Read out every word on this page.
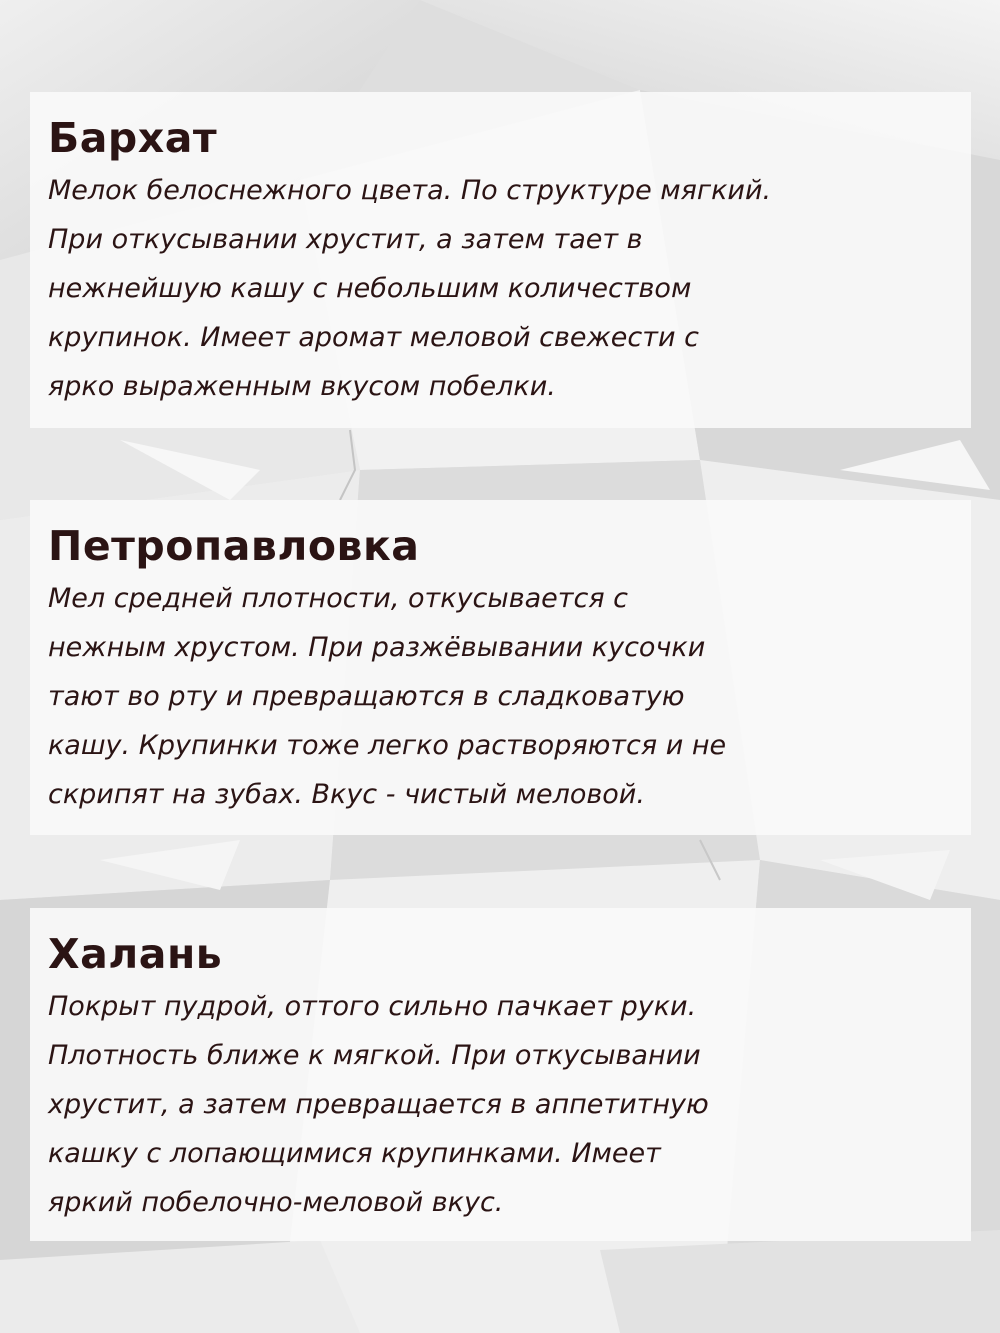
Бархат

Мелок белоснежного цвета. По структуре мягкий.
При откусывании хрустит, а затем тает в
нежнейшую кашу с небольшим количеством
крупинок. Имеет аромат меловой свежести с
ярко выраженным вкусом побелки.

Петропавловка

Мел средней плотности, откусывается с
нежным хрустом. При разжёвывании кусочки
тают во рту и превращаются в сладковатую
кашу. Крупинки тоже легко растворяются и не
скрипят на зубах. Вкус - чистый меловой.

Халань

Покрыт пудрой, оттого сильно пачкает руки.
Плотность ближе к мягкой. При откусывании
хрустит, а затем превращается в аппетитную
кашку с лопающимися крупинками. Имеет
яркий побелочно-меловой вкус.
